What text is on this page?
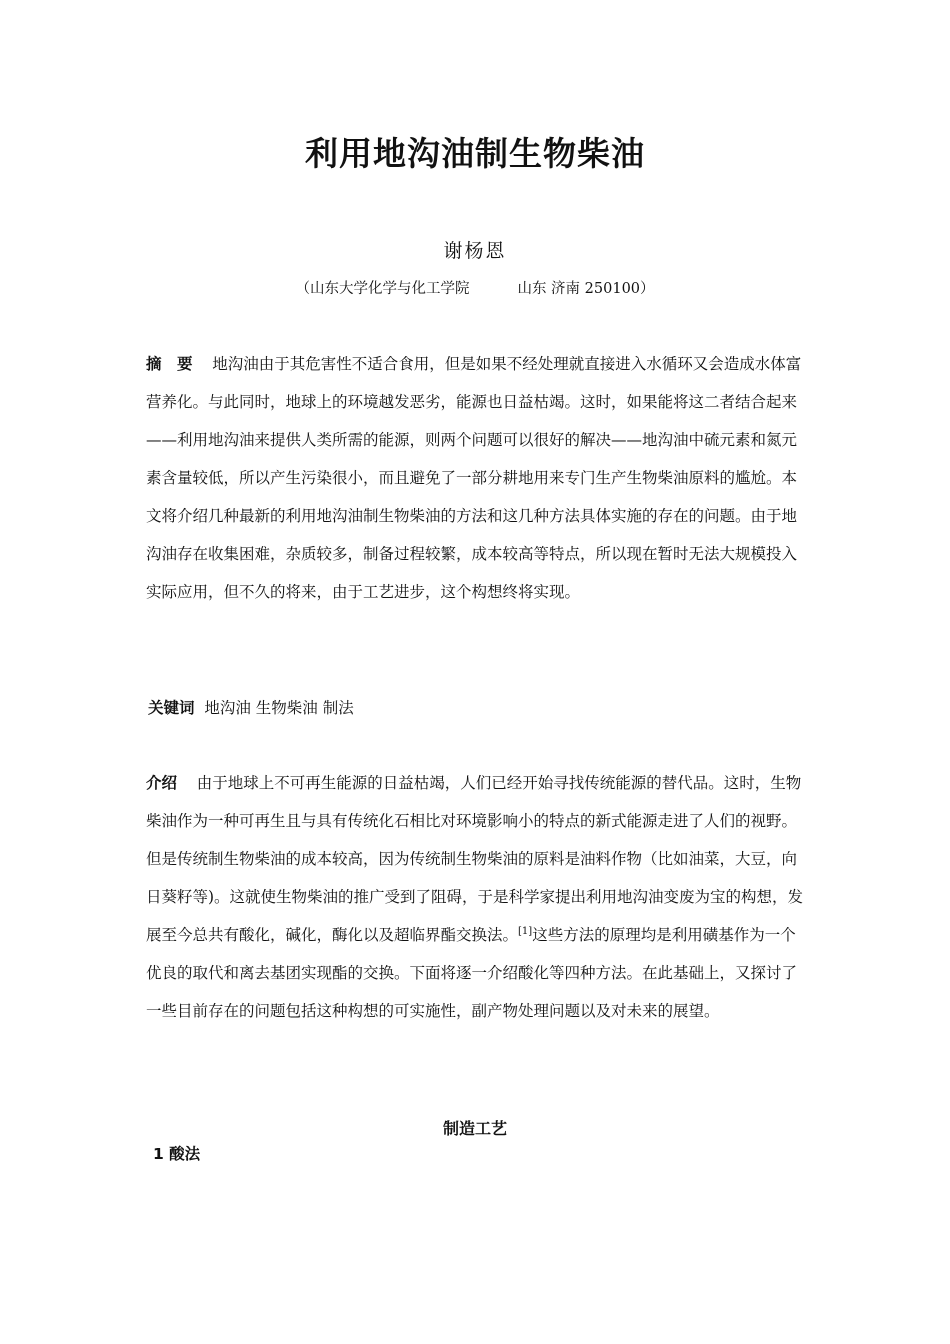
利用地沟油制生物柴油
谢杨恩
（山东大学化学与化工学院	山东 济南 250100）
摘　要 地沟油由于其危害性不适合食用，但是如果不经处理就直接进入水循环又会造成水体富营养化。与此同时，地球上的环境越发恶劣，能源也日益枯竭。这时，如果能将这二者结合起来——利用地沟油来提供人类所需的能源，则两个问题可以很好的解决——地沟油中硫元素和氮元素含量较低，所以产生污染很小，而且避免了一部分耕地用来专门生产生物柴油原料的尴尬。本文将介绍几种最新的利用地沟油制生物柴油的方法和这几种方法具体实施的存在的问题。由于地沟油存在收集困难，杂质较多，制备过程较繁，成本较高等特点，所以现在暂时无法大规模投入实际应用，但不久的将来，由于工艺进步，这个构想终将实现。
关键词 地沟油 生物柴油 制法
介绍 由于地球上不可再生能源的日益枯竭，人们已经开始寻找传统能源的替代品。这时，生物柴油作为一种可再生且与具有传统化石相比对环境影响小的特点的新式能源走进了人们的视野。但是传统制生物柴油的成本较高，因为传统制生物柴油的原料是油料作物（比如油菜，大豆，向日葵籽等)。这就使生物柴油的推广受到了阻碍，于是科学家提出利用地沟油变废为宝的构想，发展至今总共有酸化，碱化，酶化以及超临界酯交换法。[1]这些方法的原理均是利用磺基作为一个优良的取代和离去基团实现酯的交换。下面将逐一介绍酸化等四种方法。在此基础上，又探讨了一些目前存在的问题包括这种构想的可实施性，副产物处理问题以及对未来的展望。
制造工艺
1 酸法
